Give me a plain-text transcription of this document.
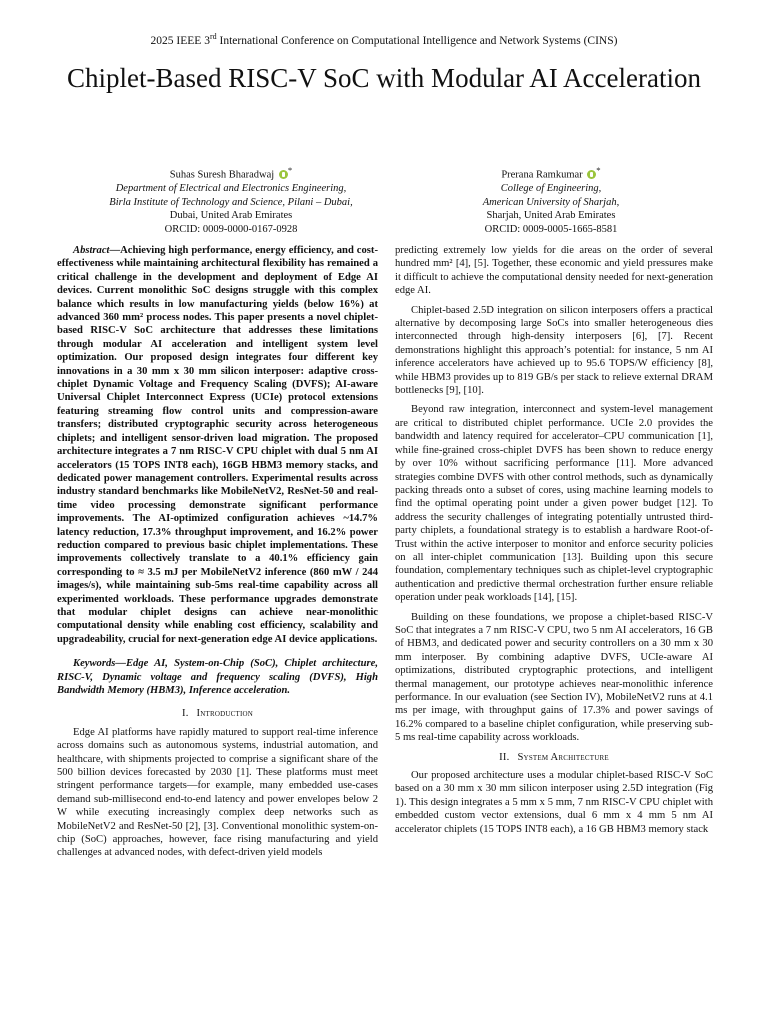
2025 IEEE 3rd International Conference on Computational Intelligence and Network Systems (CINS)
Chiplet-Based RISC-V SoC with Modular AI Acceleration
Suhas Suresh Bharadwaj *
Department of Electrical and Electronics Engineering,
Birla Institute of Technology and Science, Pilani – Dubai,
Dubai, United Arab Emirates
ORCID: 0009-0000-0167-0928
Prerana Ramkumar *
College of Engineering,
American University of Sharjah,
Sharjah, United Arab Emirates
ORCID: 0009-0005-1665-8581

Abstract—Achieving high performance, energy efficiency, and cost-effectiveness while maintaining architectural flexibility has remained a critical challenge in the development and deployment of Edge AI devices. Current monolithic SoC designs struggle with this complex balance which results in low manufacturing yields (below 16%) at advanced 360 mm² process nodes. This paper presents a novel chiplet-based RISC-V SoC architecture that addresses these limitations through modular AI acceleration and intelligent system level optimization. Our proposed design integrates four different key innovations in a 30 mm x 30 mm silicon interposer: adaptive cross-chiplet Dynamic Voltage and Frequency Scaling (DVFS); AI-aware Universal Chiplet Interconnect Express (UCIe) protocol extensions featuring streaming flow control units and compression-aware transfers; distributed cryptographic security across heterogeneous chiplets; and intelligent sensor-driven load migration. The proposed architecture integrates a 7 nm RISC-V CPU chiplet with dual 5 nm AI accelerators (15 TOPS INT8 each), 16GB HBM3 memory stacks, and dedicated power management controllers. Experimental results across industry standard benchmarks like MobileNetV2, ResNet-50 and real-time video processing demonstrate significant performance improvements. The AI-optimized configuration achieves ~14.7% latency reduction, 17.3% throughput improvement, and 16.2% power reduction compared to previous basic chiplet implementations. These improvements collectively translate to a 40.1% efficiency gain corresponding to ≈ 3.5 mJ per MobileNetV2 inference (860 mW / 244 images/s), while maintaining sub-5ms real-time capability across all experimented workloads. These performance upgrades demonstrate that modular chiplet designs can achieve near-monolithic computational density while enabling cost efficiency, scalability and upgradeability, crucial for next-generation edge AI device applications.

Keywords—Edge AI, System-on-Chip (SoC), Chiplet architecture, RISC-V, Dynamic voltage and frequency scaling (DVFS), High Bandwidth Memory (HBM3), Inference acceleration.

I. Introduction

Edge AI platforms have rapidly matured to support real-time inference across domains such as autonomous systems, industrial automation, and healthcare, with shipments projected to comprise a significant share of the 500 billion devices forecasted by 2030 [1]. These platforms must meet stringent performance targets—for example, many embedded use-cases demand sub-millisecond end-to-end latency and power envelopes below 2 W while executing increasingly complex deep networks such as MobileNetV2 and ResNet-50 [2], [3]. Conventional monolithic system-on-chip (SoC) approaches, however, face rising manufacturing and yield challenges at advanced nodes, with defect-driven yield models

predicting extremely low yields for die areas on the order of several hundred mm² [4], [5]. Together, these economic and yield pressures make it difficult to achieve the computational density needed for next-generation edge AI.

Chiplet-based 2.5D integration on silicon interposers offers a practical alternative by decomposing large SoCs into smaller heterogeneous dies interconnected through high-density interposers [6], [7]. Recent demonstrations highlight this approach’s potential: for instance, 5 nm AI inference accelerators have achieved up to 95.6 TOPS/W efficiency [8], while HBM3 provides up to 819 GB/s per stack to relieve external DRAM bottlenecks [9], [10].

Beyond raw integration, interconnect and system-level management are critical to distributed chiplet performance. UCIe 2.0 provides the bandwidth and latency required for accelerator–CPU communication [1], while fine-grained cross-chiplet DVFS has been shown to reduce energy by over 10% without sacrificing performance [11]. More advanced strategies combine DVFS with other control methods, such as dynamically packing threads onto a subset of cores, using machine learning models to find the optimal operating point under a given power budget [12]. To address the security challenges of integrating potentially untrusted third-party chiplets, a foundational strategy is to establish a hardware Root-of-Trust within the active interposer to monitor and enforce security policies on all inter-chiplet communication [13]. Building upon this secure foundation, complementary techniques such as chiplet-level cryptographic authentication and predictive thermal orchestration further ensure reliable operation under peak workloads [14], [15].

Building on these foundations, we propose a chiplet-based RISC-V SoC that integrates a 7 nm RISC-V CPU, two 5 nm AI accelerators, 16 GB of HBM3, and dedicated power and security controllers on a 30 mm x 30 mm interposer. By combining adaptive DVFS, UCIe-aware AI optimizations, distributed cryptographic protections, and intelligent thermal management, our prototype achieves near-monolithic inference performance. In our evaluation (see Section IV), MobileNetV2 runs at 4.1 ms per image, with throughput gains of 17.3% and power savings of 16.2% compared to a baseline chiplet configuration, while preserving sub-5 ms real-time capability across workloads.

II. System Architecture

Our proposed architecture uses a modular chiplet-based RISC-V SoC based on a 30 mm x 30 mm silicon interposer using 2.5D integration (Fig 1). This design integrates a 5 mm x 5 mm, 7 nm RISC-V CPU chiplet with embedded custom vector extensions, dual 6 mm x 4 mm 5 nm AI accelerator chiplets (15 TOPS INT8 each), a 16 GB HBM3 memory stack
